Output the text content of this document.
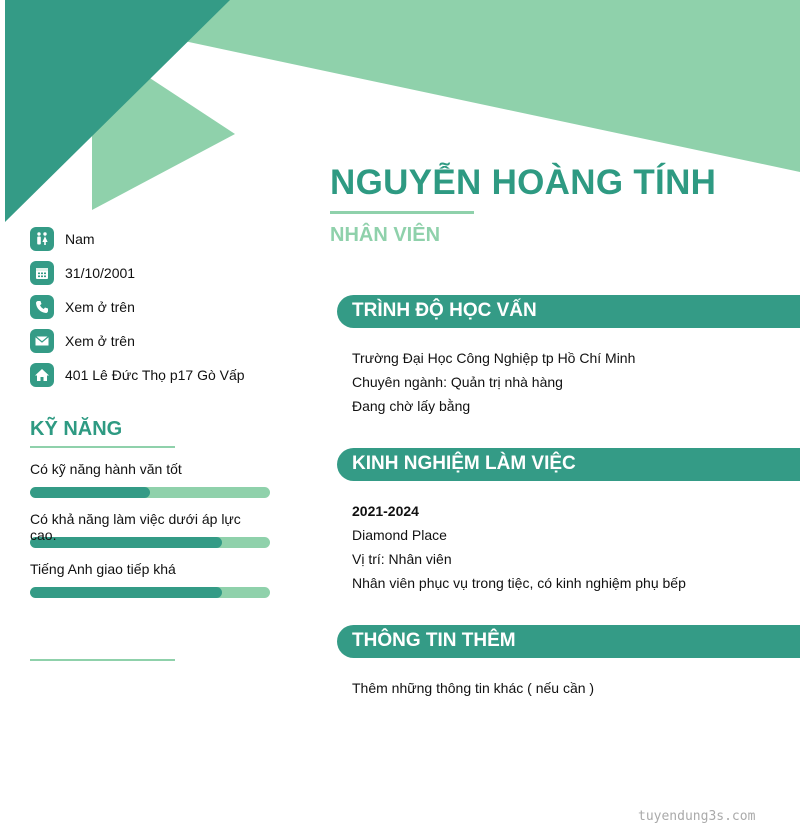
NGUYỄN HOÀNG TÍNH
NHÂN VIÊN
Nam
31/10/2001
Xem ở trên
Xem ở trên
401 Lê Đức Thọ p17 Gò Vấp
KỸ NĂNG
Có kỹ năng hành văn tốt
Có khả năng làm việc dưới áp lực cao.
Tiếng Anh giao tiếp khá
TRÌNH ĐỘ HỌC VẤN
Trường Đại Học Công Nghiệp tp Hồ Chí Minh
Chuyên ngành: Quản trị nhà hàng
Đang chờ lấy bằng
KINH NGHIỆM LÀM VIỆC
2021-2024
Diamond Place
Vị trí: Nhân viên
Nhân viên phục vụ trong tiệc, có kinh nghiệm phụ bếp
THÔNG TIN THÊM
Thêm những thông tin khác ( nếu cần )
tuyendung3s.com
